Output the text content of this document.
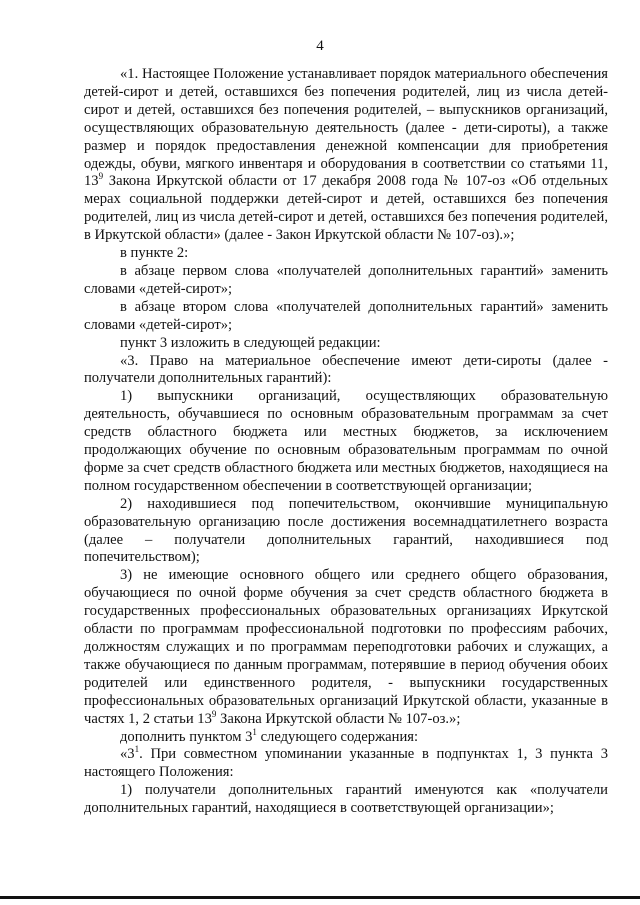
4

«1. Настоящее Положение устанавливает порядок материального обеспечения детей-сирот и детей, оставшихся без попечения родителей, лиц из числа детей-сирот и детей, оставшихся без попечения родителей, – выпускников организаций, осуществляющих образовательную деятельность (далее - дети-сироты), а также размер и порядок предоставления денежной компенсации для приобретения одежды, обуви, мягкого инвентаря и оборудования в соответствии со статьями 11, $13^9$ Закона Иркутской области от 17 декабря 2008 года № 107-оз «Об отдельных мерах социальной поддержки детей-сирот и детей, оставшихся без попечения родителей, лиц из числа детей-сирот и детей, оставшихся без попечения родителей, в Иркутской области» (далее - Закон Иркутской области № 107-оз).»;

в пункте 2:

в абзаце первом слова «получателей дополнительных гарантий» заменить словами «детей-сирот»;

в абзаце втором слова «получателей дополнительных гарантий» заменить словами «детей-сирот»;

пункт 3 изложить в следующей редакции:

«3. Право на материальное обеспечение имеют дети-сироты (далее - получатели дополнительных гарантий):

1) выпускники организаций, осуществляющих образовательную деятельность, обучавшиеся по основным образовательным программам за счет средств областного бюджета или местных бюджетов, за исключением продолжающих обучение по основным образовательным программам по очной форме за счет средств областного бюджета или местных бюджетов, находящиеся на полном государственном обеспечении в соответствующей организации;

2) находившиеся под попечительством, окончившие муниципальную образовательную организацию после достижения восемнадцатилетнего возраста (далее – получатели дополнительных гарантий, находившиеся под попечительством);

3) не имеющие основного общего или среднего общего образования, обучающиеся по очной форме обучения за счет средств областного бюджета в государственных профессиональных образовательных организациях Иркутской области по программам профессиональной подготовки по профессиям рабочих, должностям служащих и по программам переподготовки рабочих и служащих, а также обучающиеся по данным программам, потерявшие в период обучения обоих родителей или единственного родителя, - выпускники государственных профессиональных образовательных организаций Иркутской области, указанные в частях 1, 2 статьи $13^9$ Закона Иркутской области № 107-оз.»;

дополнить пунктом $3^1$ следующего содержания:

«$3^1$. При совместном упоминании указанные в подпунктах 1, 3 пункта 3 настоящего Положения:

1) получатели дополнительных гарантий именуются как «получатели дополнительных гарантий, находящиеся в соответствующей организации»;
